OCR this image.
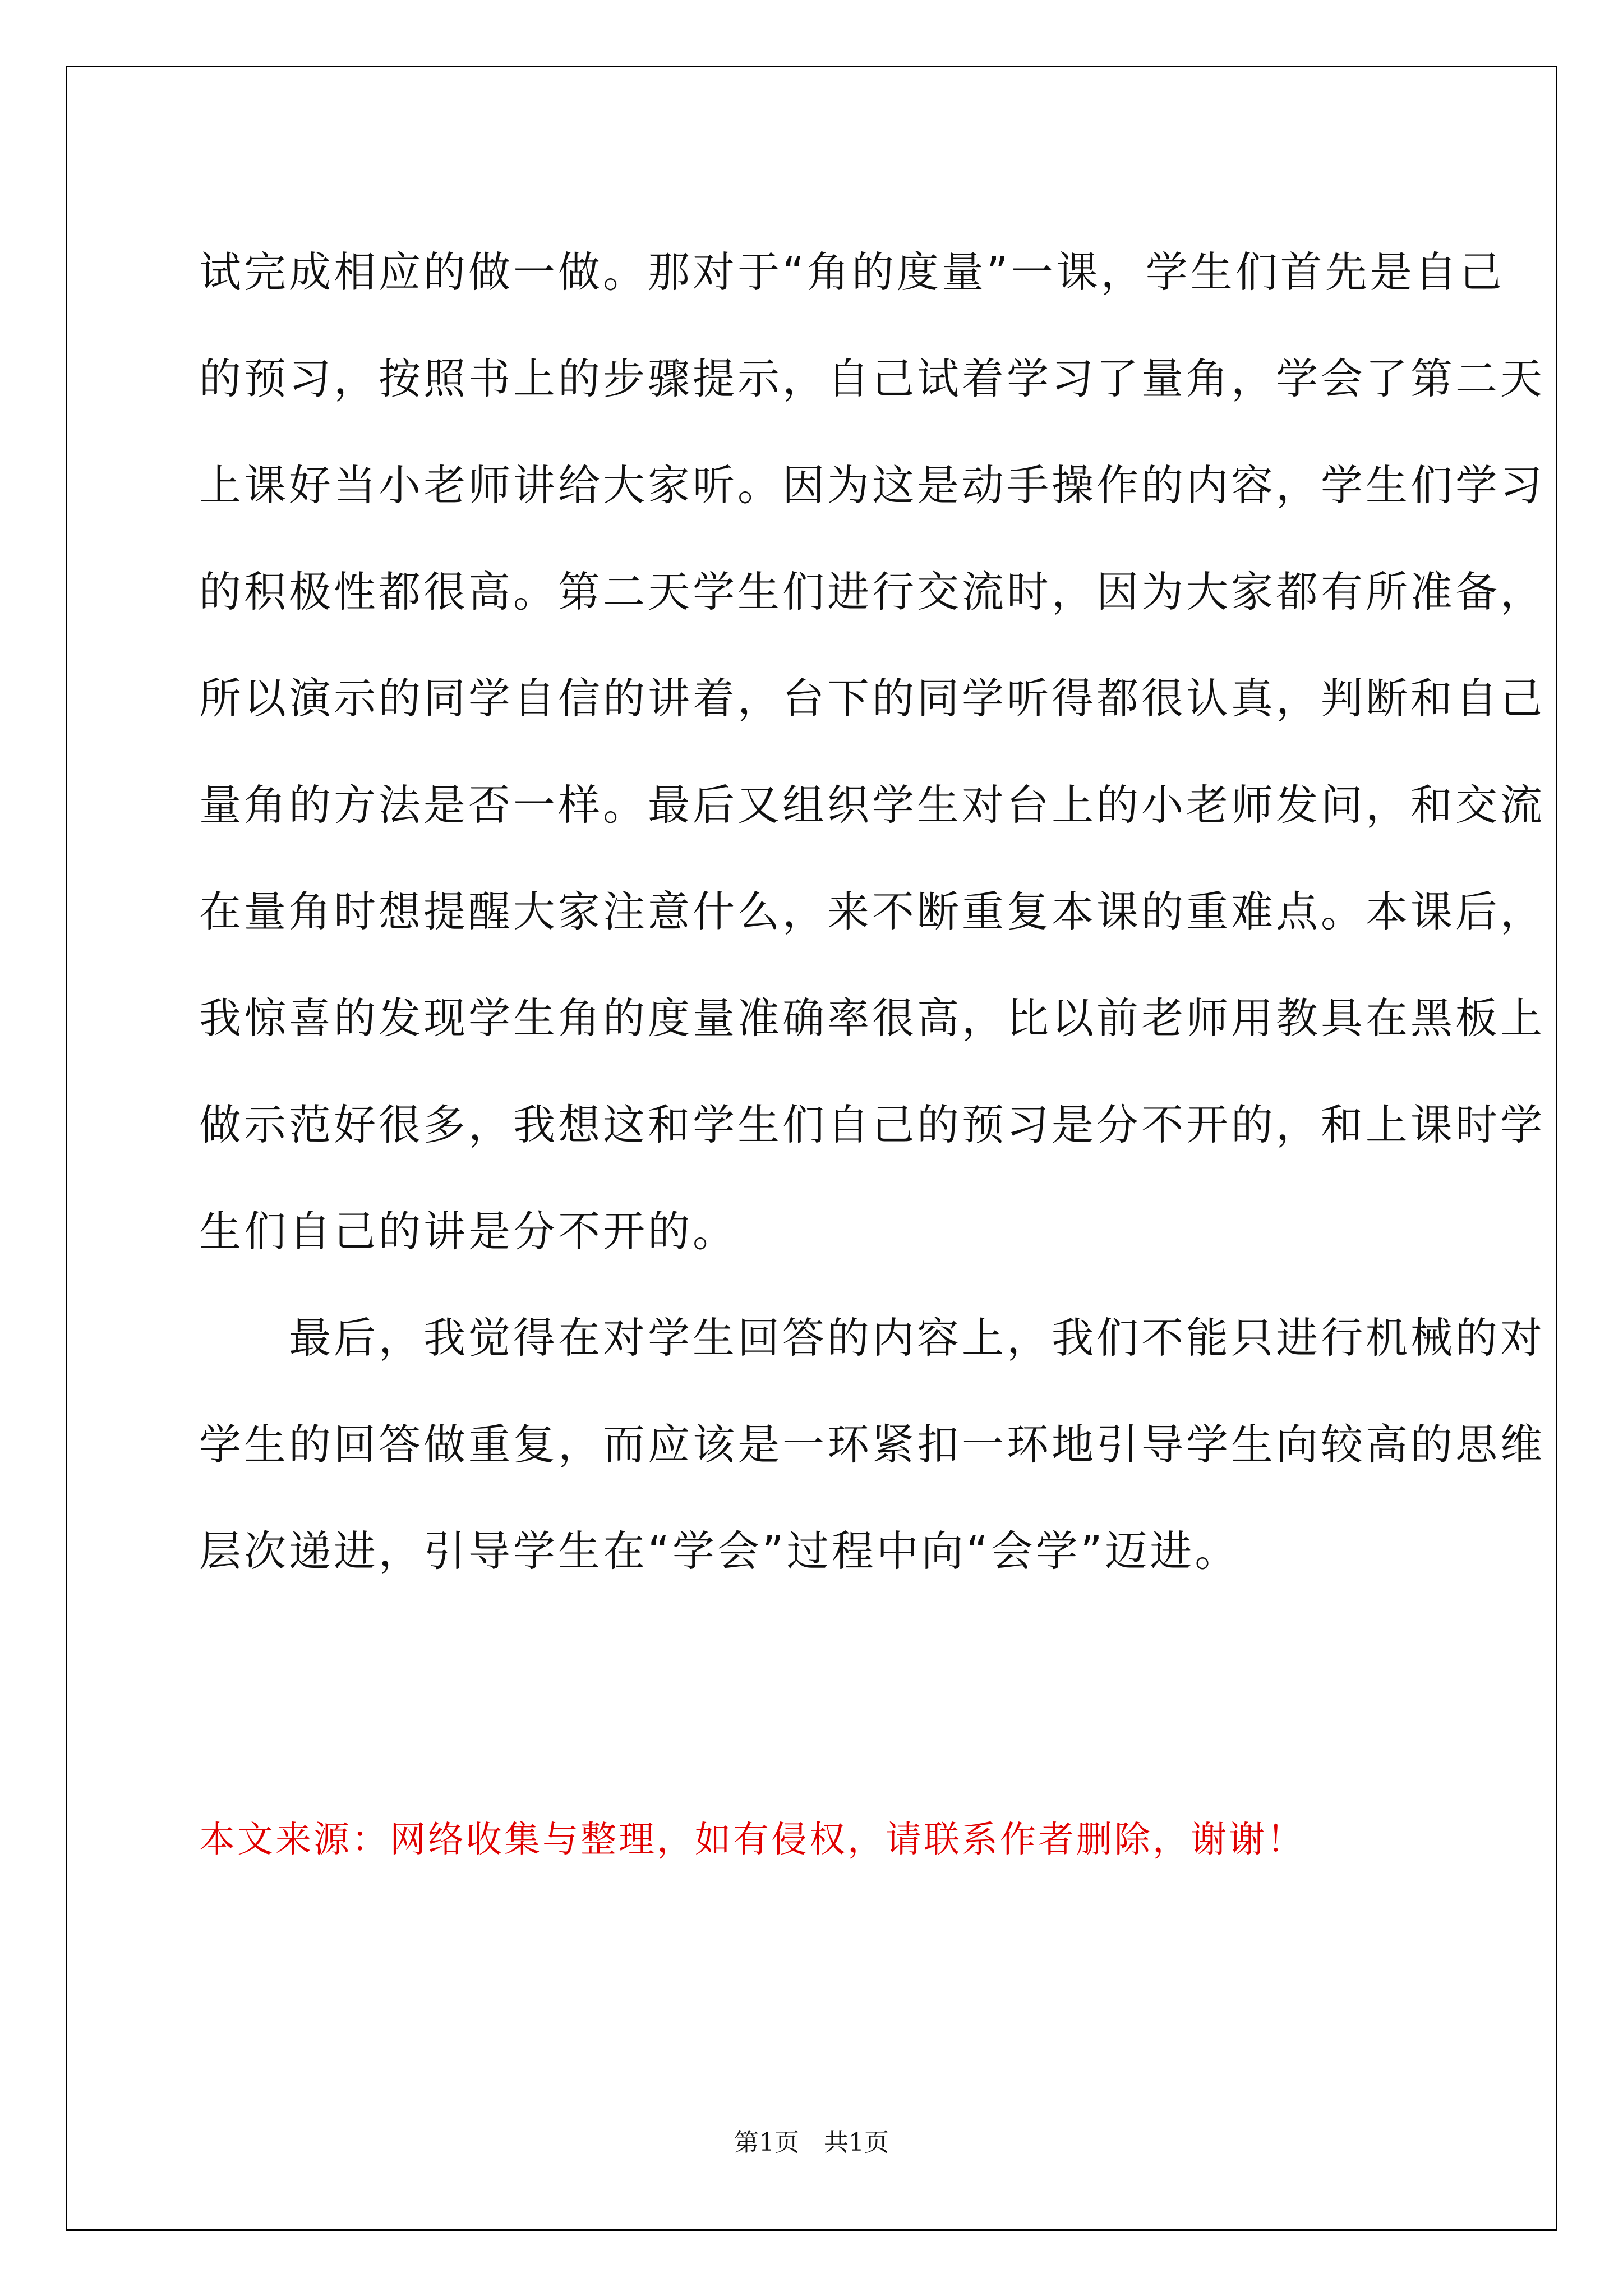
试完成相应的做一做。那对于“角的度量”一课，学生们首先是自己
的预习，按照书上的步骤提示，自己试着学习了量角，学会了第二天
上课好当小老师讲给大家听。因为这是动手操作的内容，学生们学习
的积极性都很高。第二天学生们进行交流时，因为大家都有所准备，
所以演示的同学自信的讲着，台下的同学听得都很认真，判断和自己
量角的方法是否一样。最后又组织学生对台上的小老师发问，和交流
在量角时想提醒大家注意什么，来不断重复本课的重难点。本课后，
我惊喜的发现学生角的度量准确率很高，比以前老师用教具在黑板上
做示范好很多，我想这和学生们自己的预习是分不开的，和上课时学
生们自己的讲是分不开的。
　　最后，我觉得在对学生回答的内容上，我们不能只进行机械的对
学生的回答做重复，而应该是一环紧扣一环地引导学生向较高的思维
层次递进，引导学生在“学会”过程中向“会学”迈进。
本文来源：网络收集与整理，如有侵权，请联系作者删除，谢谢！
第1页　共1页
